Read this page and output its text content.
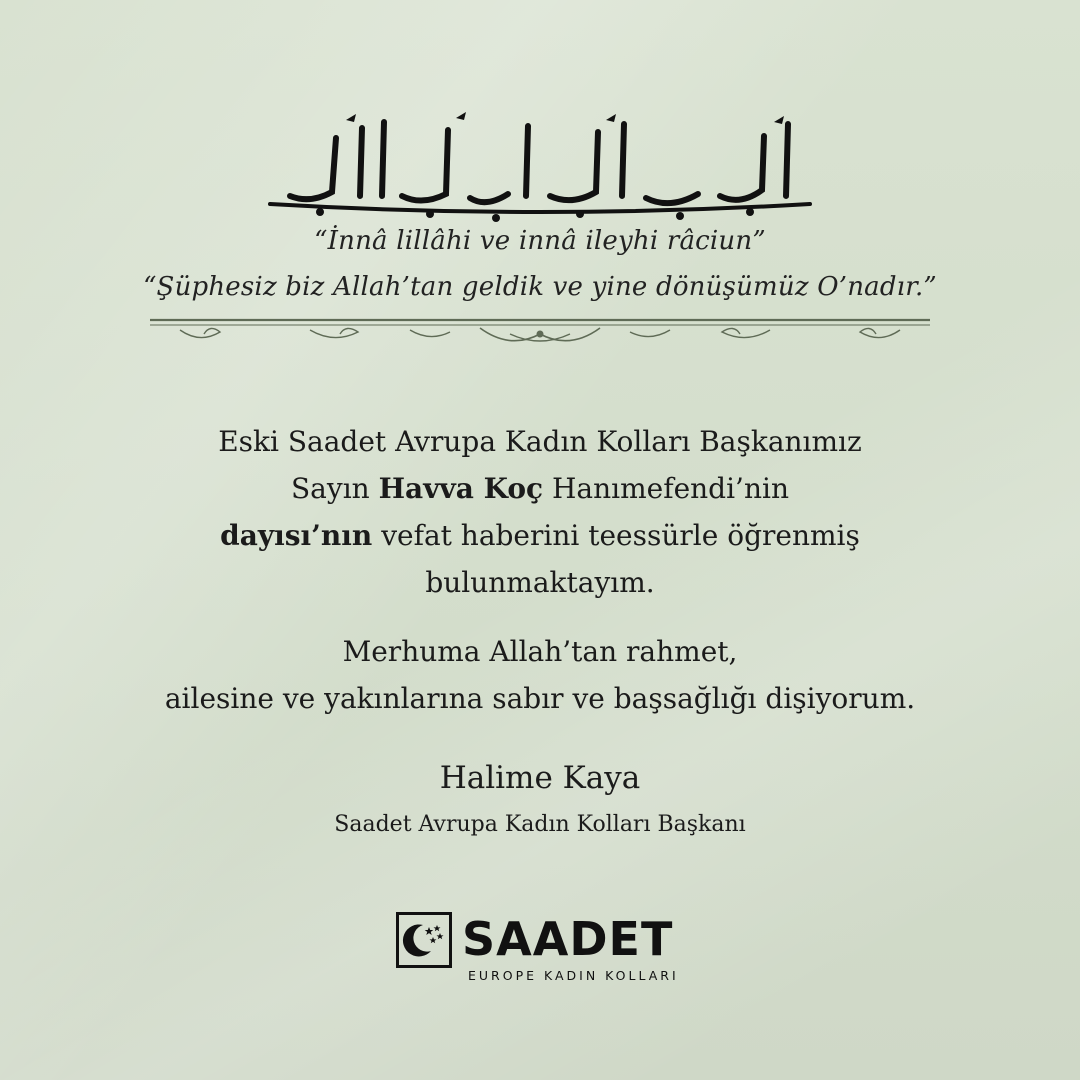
“İnnâ lillâhi ve innâ ileyhi râciun”
“Şüphesiz biz Allah’tan geldik ve yine dönüşümüz O’nadır.”

Eski Saadet Avrupa Kadın Kolları Başkanımız

Sayın Havva Koç Hanımefendi’nin

dayısı’nın vefat haberini teessürle öğrenmiş

bulunmaktayım.

Merhuma Allah’tan rahmet,

ailesine ve yakınlarına sabır ve başsağlığı dişiyorum.

Halime Kaya
Saadet Avrupa Kadın Kolları Başkanı
SAADET
EUROPE KADIN KOLLARI
